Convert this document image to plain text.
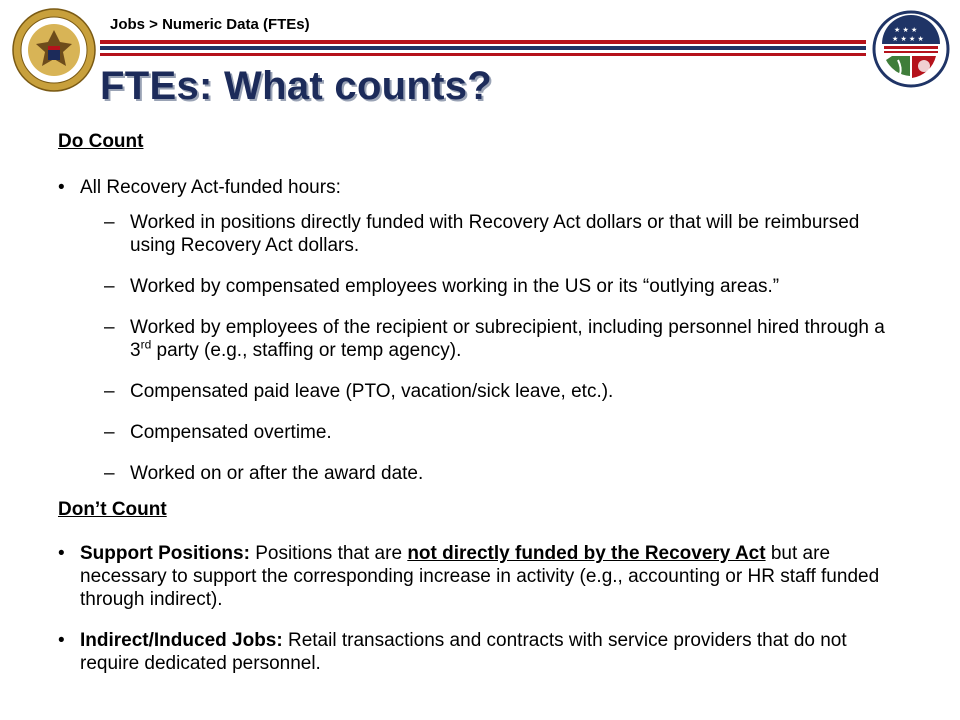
★ ★ ★
★ ★ ★ ★
Jobs > Numeric Data (FTEs)
FTEs: What counts?

Do Count

• All Recovery Act-funded hours:
– Worked in positions directly funded with Recovery Act dollars or that will be reimbursed using Recovery Act dollars.
– Worked by compensated employees working in the US or its “outlying areas.”
– Worked by employees of the recipient or subrecipient, including personnel hired through a 3rd party (e.g., staffing or temp agency).
– Compensated paid leave (PTO, vacation/sick leave, etc.).
– Compensated overtime.
– Worked on or after the award date.

Don’t Count

• Support Positions: Positions that are not directly funded by the Recovery Act but are necessary to support the corresponding increase in activity (e.g., accounting or HR staff funded through indirect).
• Indirect/Induced Jobs: Retail transactions and contracts with service providers that do not require dedicated personnel.
